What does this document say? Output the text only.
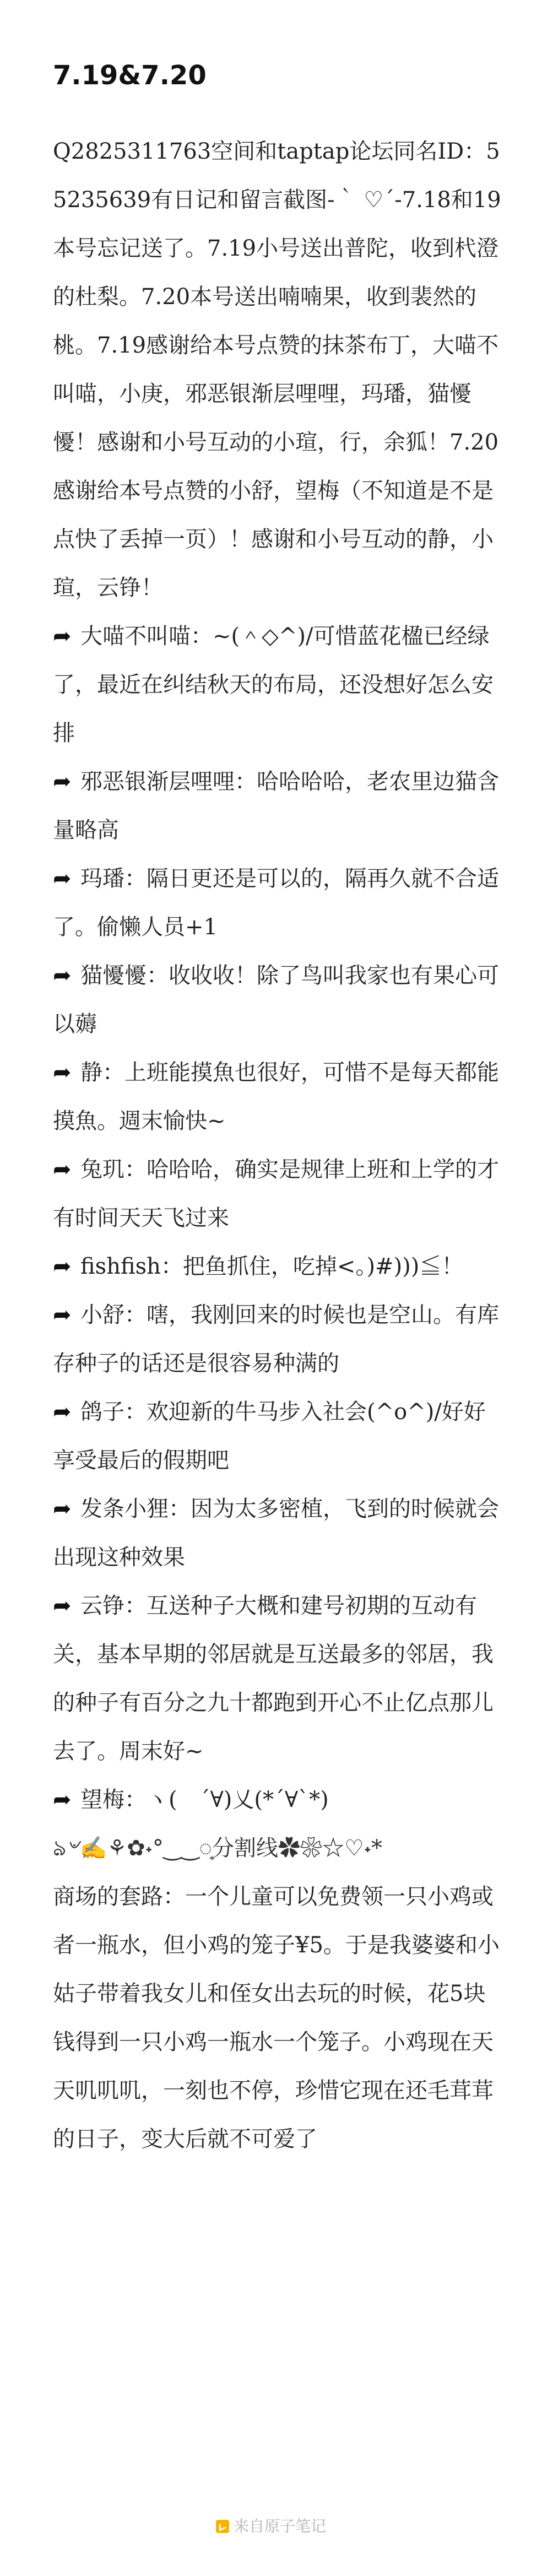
7.19&7.20

Q2825311763空间和taptap论坛同名ID：55235639有日记和留言截图-｀ ♡´-7.18和19本号忘记送了。7.19小号送出普陀，收到杙澄的杜梨。7.20本号送出喃喃果，收到裴然的桃。7.19感谢给本号点赞的抹茶布丁，大喵不叫喵，小庚，邪恶银渐层哩哩，玛璠，猫懮懮！感谢和小号互动的小瑄，行，余狐！7.20感谢给本号点赞的小舒，望梅（不知道是不是点快了丢掉一页）！感谢和小号互动的静，小瑄，云铮！

➦ 大喵不叫喵：~(＾◇^)/可惜蓝花楹已经绿了，最近在纠结秋天的布局，还没想好怎么安排

➦ 邪恶银渐层哩哩：哈哈哈哈，老农里边猫含量略高

➦ 玛璠：隔日更还是可以的，隔再久就不合适了。偷懒人员+1

➦ 猫懮懮：收收收！除了鸟叫我家也有果心可以薅

➦ 静：上班能摸魚也很好，可惜不是每天都能摸魚。週末愉快~

➦ 兔玑：哈哈哈，确实是规律上班和上学的才有时间天天飞过来

➦ fishfish：把鱼抓住，吃掉<。)#)))≦！

➦ 小舒：嗐，我刚回来的时候也是空山。有库存种子的话还是很容易种满的

➦ 鸽子：欢迎新的牛马步入社会(^o^)/好好享受最后的假期吧

➦ 发条小狸：因为太多密植，飞到的时候就会出现这种效果

➦ 云铮：互送种子大概和建号初期的互动有关，基本早期的邻居就是互送最多的邻居，我的种子有百分之九十都跑到开心不止亿点那儿去了。周末好~

➦ 望梅：ヽ(　´∀)乂(*´∀`*)

ঌ৺✍⚘✿˖°‿‿◌͙分割线✿❀☆♡˖*

商场的套路：一个儿童可以免费领一只小鸡或者一瓶水，但小鸡的笼子¥5。于是我婆婆和小姑子带着我女儿和侄女出去玩的时候，花5块钱得到一只小鸡一瓶水一个笼子。小鸡现在天天叽叽叽，一刻也不停，珍惜它现在还毛茸茸的日子，变大后就不可爱了

来自原子笔记
